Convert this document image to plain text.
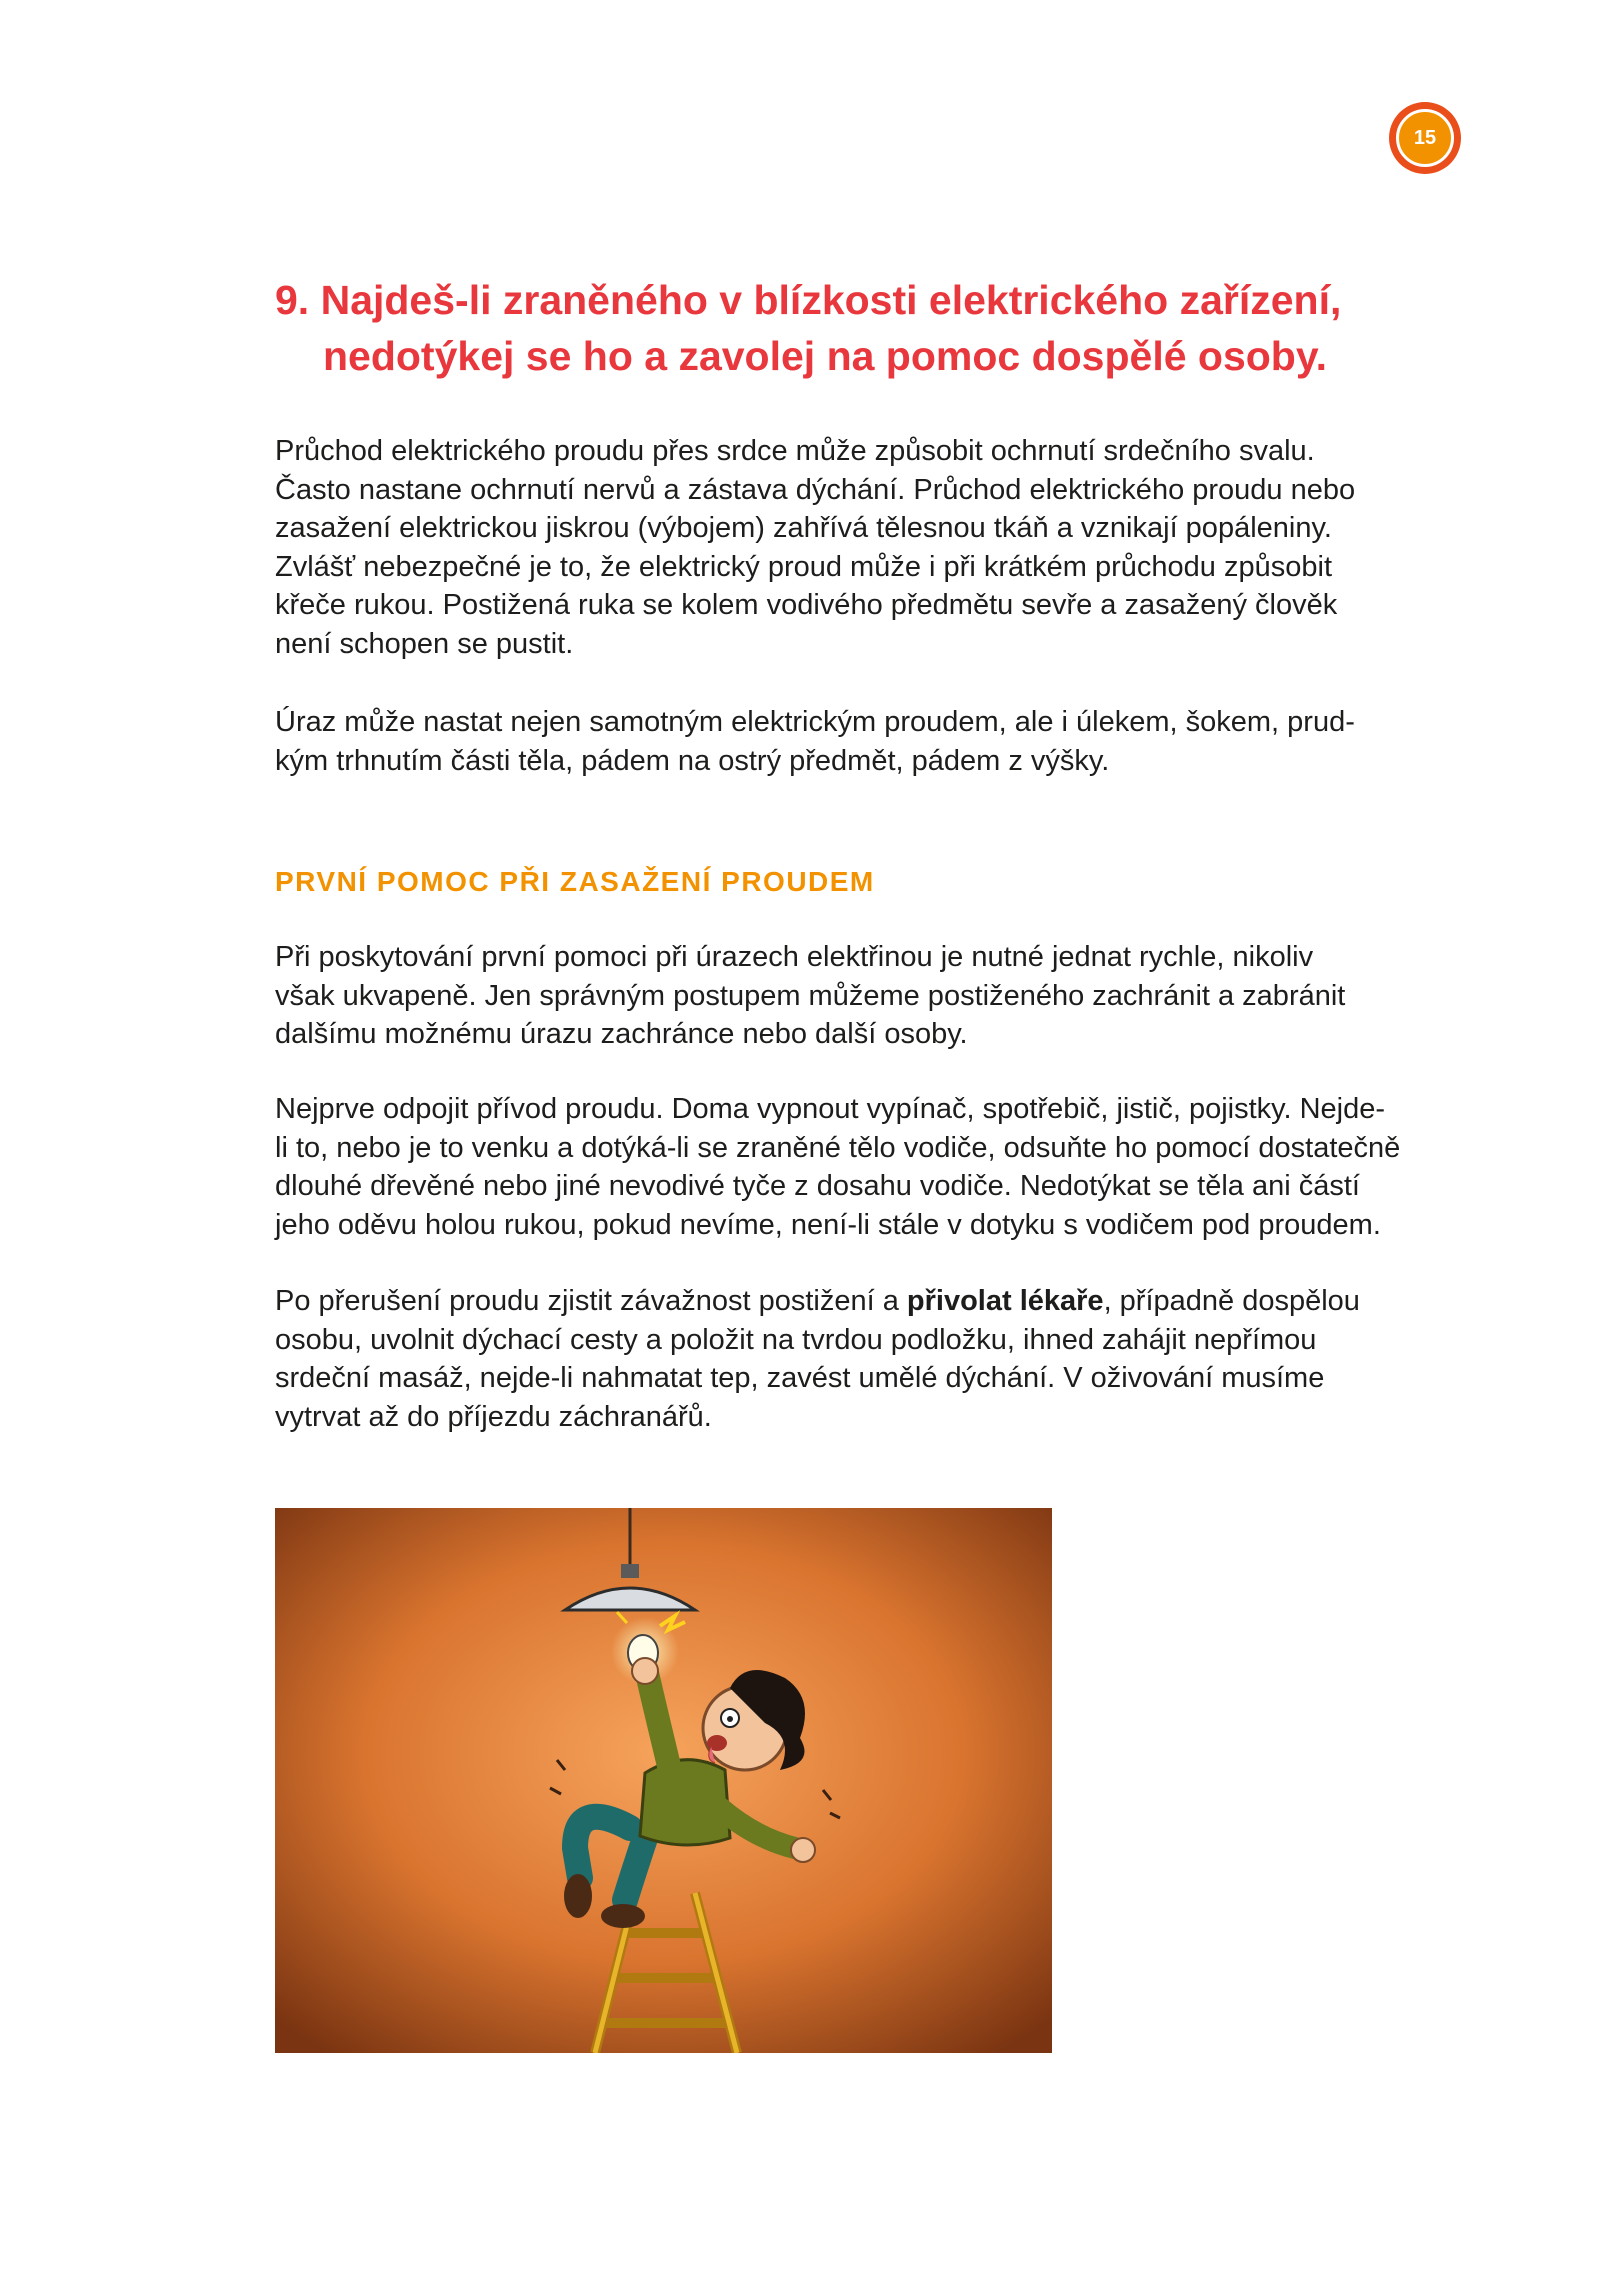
15
9. Najdeš-li zraněného v blízkosti elektrického zařízení,
nedotýkej se ho a zavolej na pomoc dospělé osoby.

Průchod elektrického proudu přes srdce může způsobit ochrnutí srdečního svalu.
Často nastane ochrnutí nervů a zástava dýchání. Průchod elektrického proudu nebo
zasažení elektrickou jiskrou (výbojem) zahřívá tělesnou tkáň a vznikají popáleniny.
Zvlášť nebezpečné je to, že elektrický proud může i při krátkém průchodu způsobit
křeče rukou. Postižená ruka se kolem vodivého předmětu sevře a zasažený člověk
není schopen se pustit.

Úraz může nastat nejen samotným elektrickým proudem, ale i úlekem, šokem, prud-
kým trhnutím části těla, pádem na ostrý předmět, pádem z výšky.

PRVNÍ POMOC PŘI ZASAŽENÍ PROUDEM

Při poskytování první pomoci při úrazech elektřinou je nutné jednat rychle, nikoliv
však ukvapeně. Jen správným postupem můžeme postiženého zachránit a zabránit
dalšímu možnému úrazu zachránce nebo další osoby.

Nejprve odpojit přívod proudu. Doma vypnout vypínač, spotřebič, jistič, pojistky. Nejde-
li to, nebo je to venku a dotýká-li se zraněné tělo vodiče, odsuňte ho pomocí dostatečně
dlouhé dřevěné nebo jiné nevodivé tyče z dosahu vodiče. Nedotýkat se těla ani částí
jeho oděvu holou rukou, pokud nevíme, není-li stále v dotyku s vodičem pod proudem.

Po přerušení proudu zjistit závažnost postižení a přivolat lékaře, případně dospělou
osobu, uvolnit dýchací cesty a položit na tvrdou podložku, ihned zahájit nepřímou
srdeční masáž, nejde-li nahmatat tep, zavést umělé dýchání. V oživování musíme
vytrvat až do příjezdu záchranářů.
